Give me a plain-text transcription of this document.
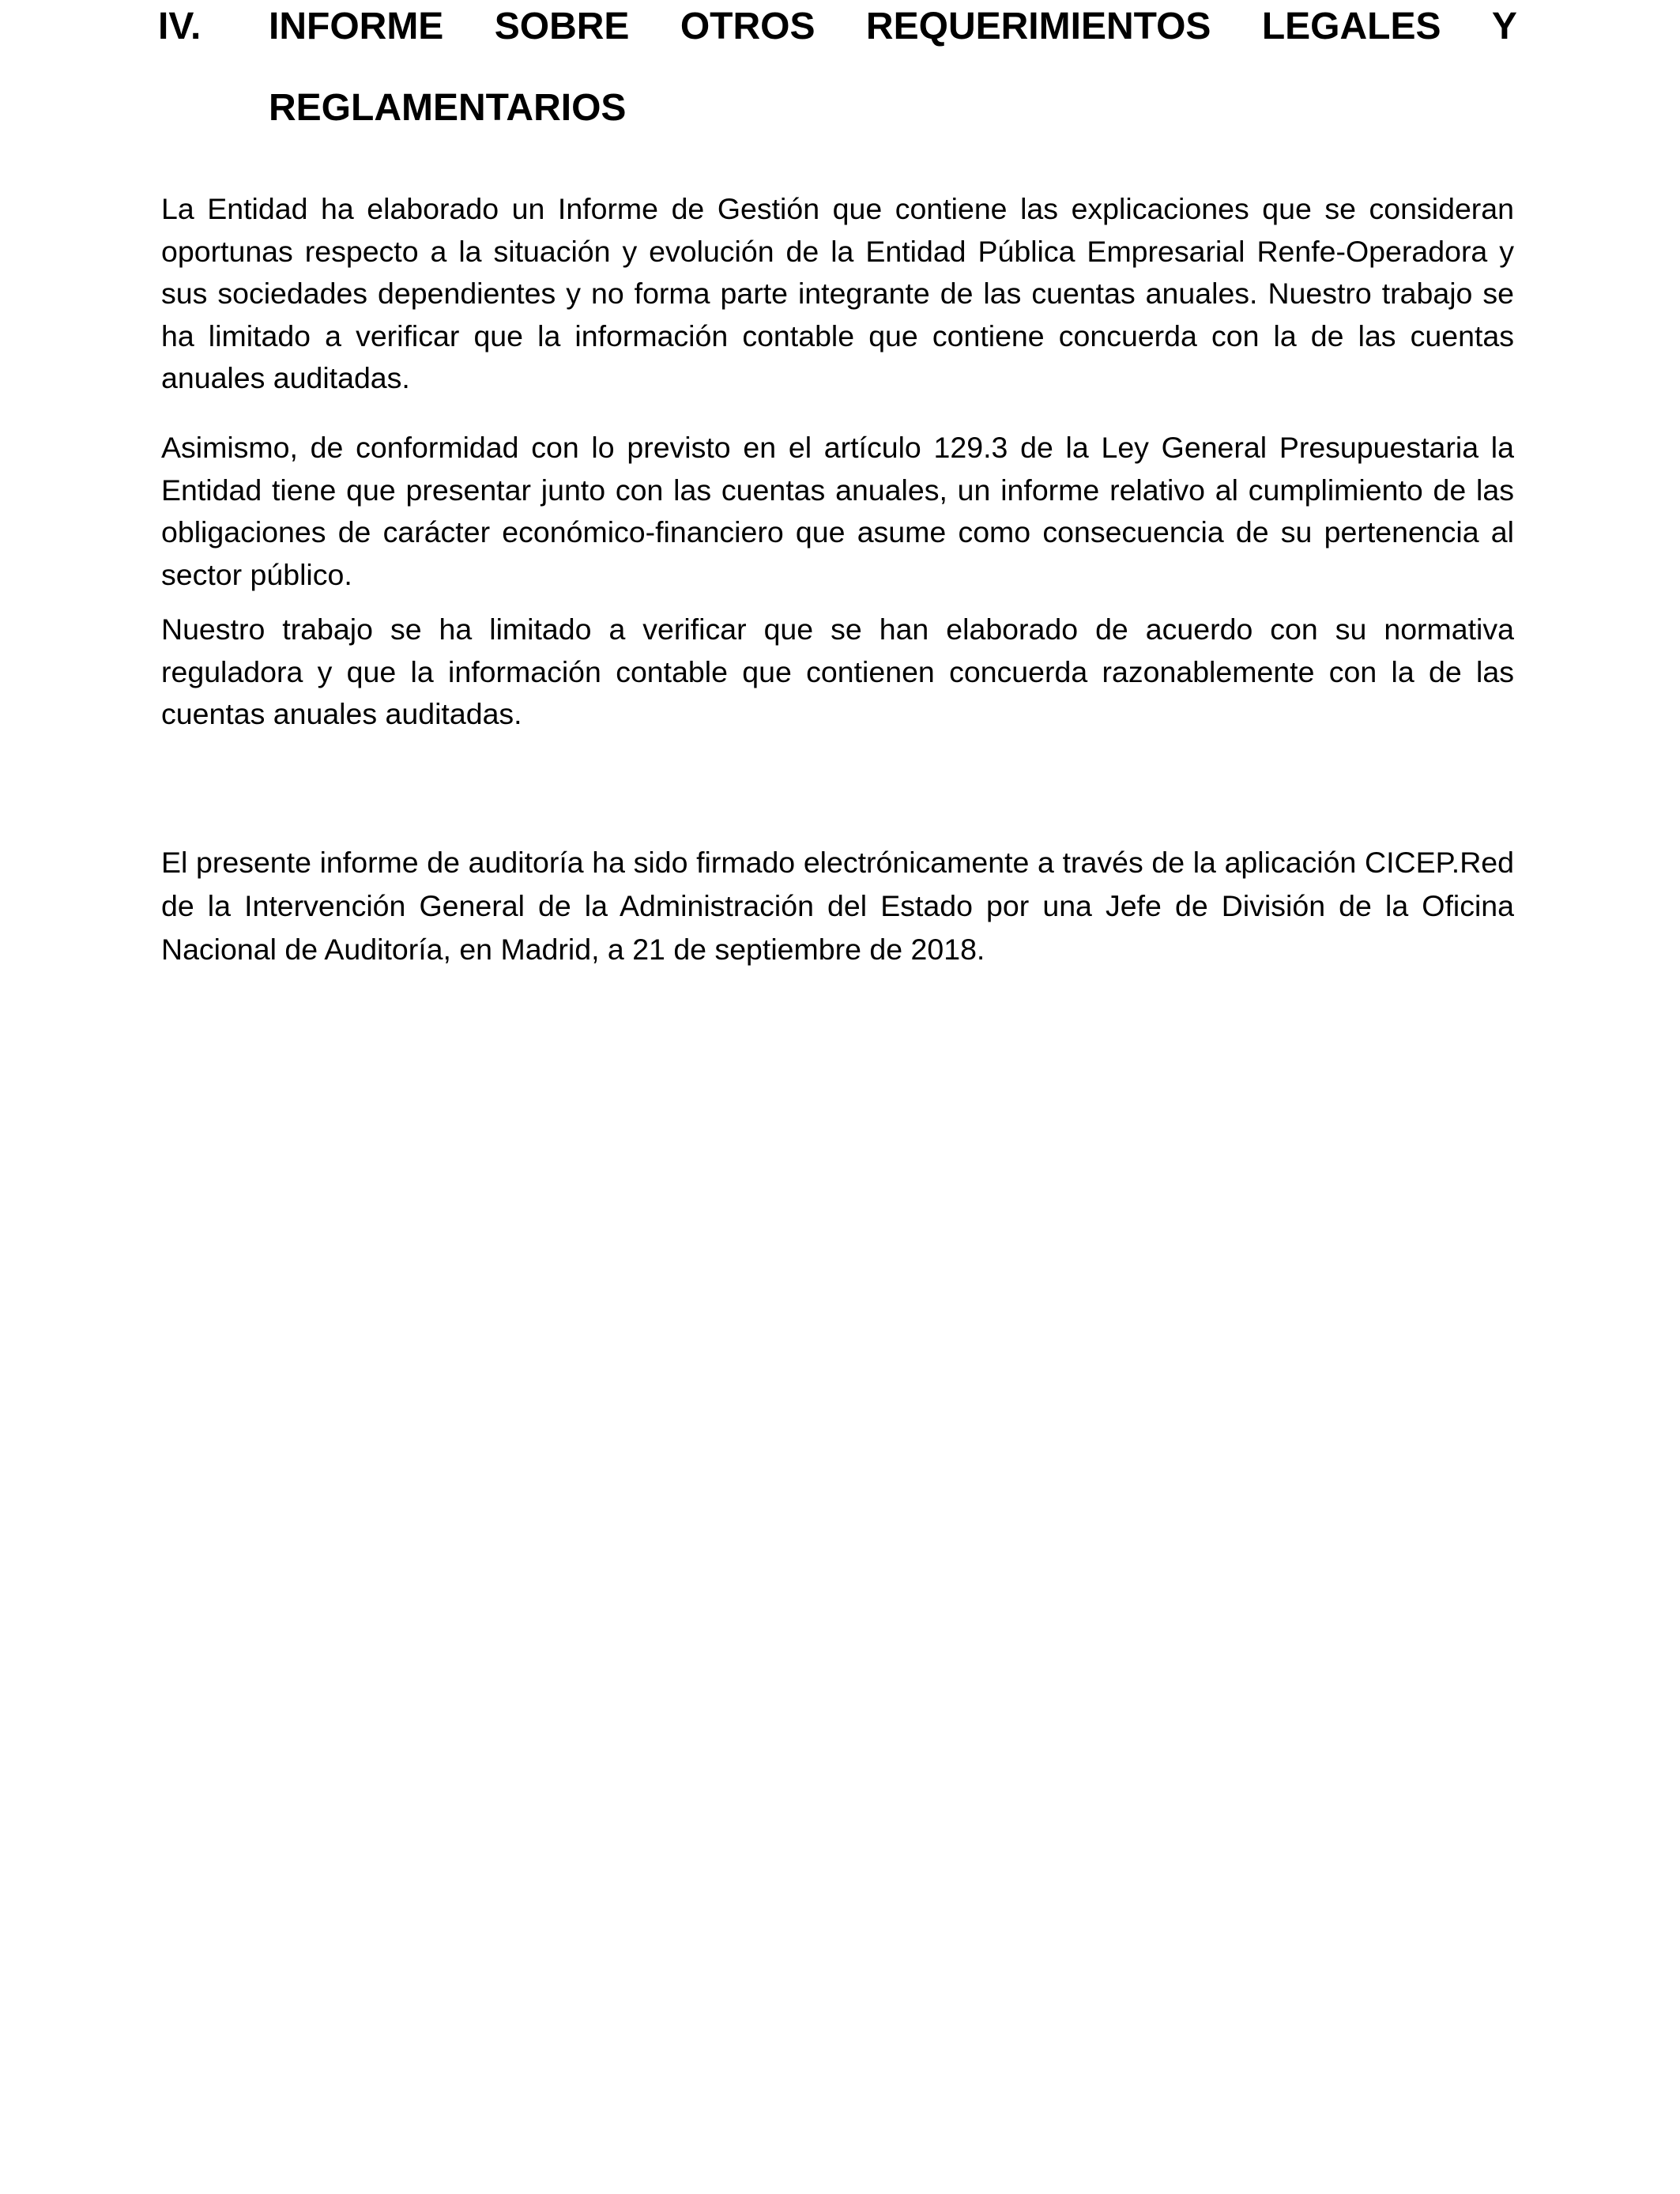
IV.	INFORME SOBRE OTROS REQUERIMIENTOS LEGALES Y
REGLAMENTARIOS

La Entidad ha elaborado un Informe de Gestión que contiene las explicaciones que se consideran oportunas respecto a la situación y evolución de la Entidad Pública Empresarial Renfe-Operadora y sus sociedades dependientes y no forma parte integrante de las cuentas anuales. Nuestro trabajo se ha limitado a verificar que la información contable que contiene concuerda con la de las cuentas anuales auditadas.

Asimismo, de conformidad con lo previsto en el artículo 129.3 de la Ley General Presupuestaria la Entidad tiene que presentar junto con las cuentas anuales, un informe relativo al cumplimiento de las obligaciones de carácter económico-financiero que asume como consecuencia de su pertenencia al sector público.

Nuestro trabajo se ha limitado a verificar que se han elaborado de acuerdo con su normativa reguladora y que la información contable que contienen concuerda razonablemente con la de las cuentas anuales auditadas.

El presente informe de auditoría ha sido firmado electrónicamente a través de la aplicación CICEP.Red de la Intervención General de la Administración del Estado por una Jefe de División de la Oficina Nacional de Auditoría, en Madrid, a 21 de septiembre de 2018.
